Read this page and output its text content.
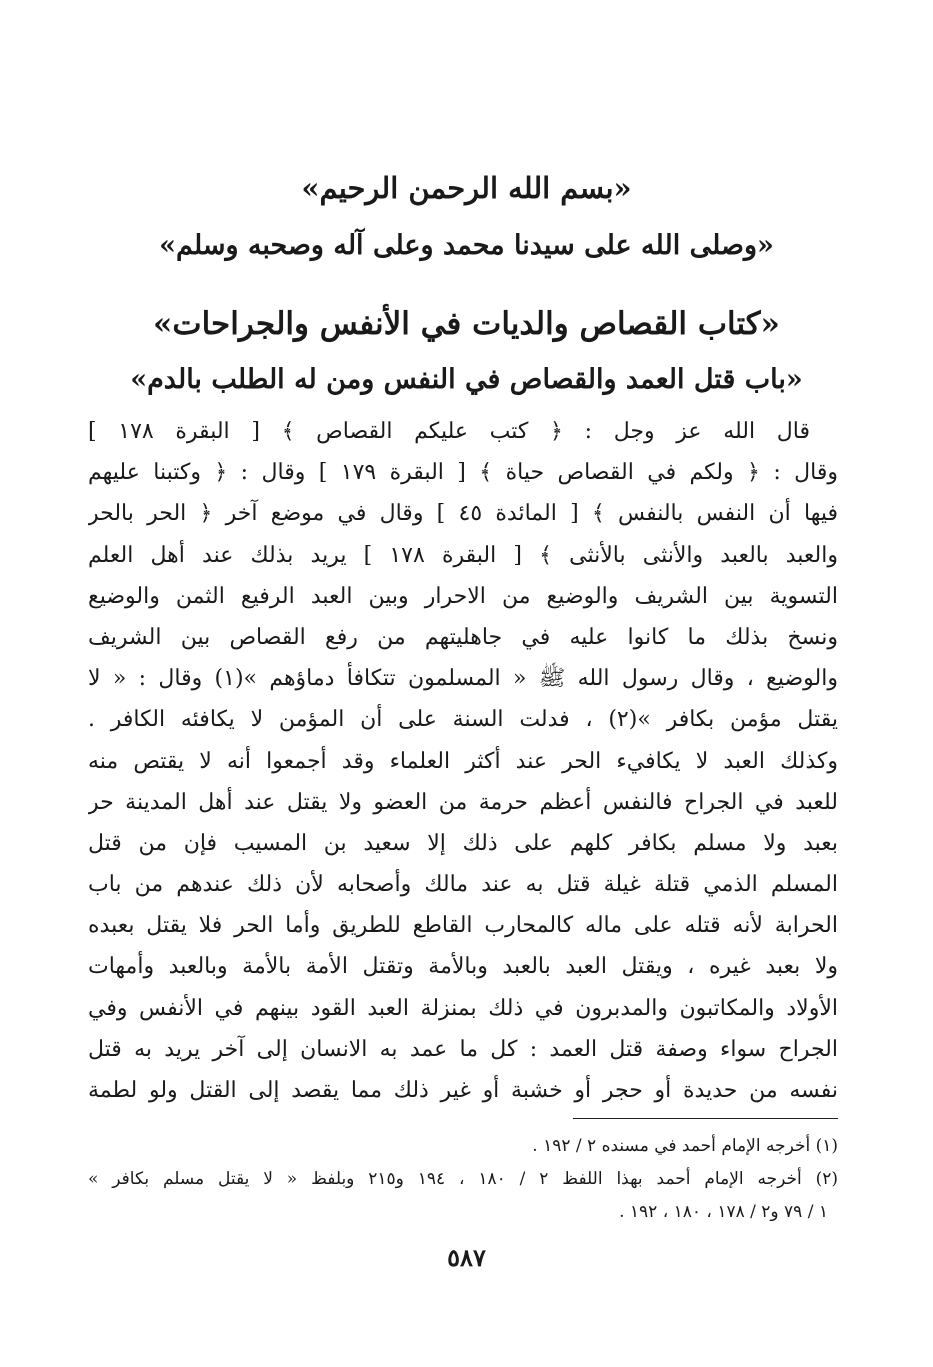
«بسم الله الرحمن الرحيم»
«وصلى الله على سيدنا محمد وعلى آله وصحبه وسلم»
«كتاب القصاص والديات في الأنفس والجراحات»
«باب قتل العمد والقصاص في النفس ومن له الطلب بالدم»
قال الله عز وجل : ﴿ كتب عليكم القصاص ﴾ [ البقرة ١٧٨ ]
وقال : ﴿ ولكم في القصاص حياة ﴾ [ البقرة ١٧٩ ] وقال : ﴿ وكتبنا عليهم
فيها أن النفس بالنفس ﴾ [ المائدة ٤٥ ] وقال في موضع آخر ﴿ الحر بالحر
والعبد بالعبد والأنثى بالأنثى ﴾ [ البقرة ١٧٨ ] يريد بذلك عند أهل العلم
التسوية بين الشريف والوضيع من الاحرار وبين العبد الرفيع الثمن والوضيع
ونسخ بذلك ما كانوا عليه في جاهليتهم من رفع القصاص بين الشريف
والوضيع ، وقال رسول الله ﷺ « المسلمون تتكافأ دماؤهم »(١) وقال : « لا
يقتل مؤمن بكافر »(٢) ، فدلت السنة على أن المؤمن لا يكافئه الكافر .
وكذلك العبد لا يكافيء الحر عند أكثر العلماء وقد أجمعوا أنه لا يقتص منه
للعبد في الجراح فالنفس أعظم حرمة من العضو ولا يقتل عند أهل المدينة حر
بعبد ولا مسلم بكافر كلهم على ذلك إلا سعيد بن المسيب فإن من قتل
المسلم الذمي قتلة غيلة قتل به عند مالك وأصحابه لأن ذلك عندهم من باب
الحرابة لأنه قتله على ماله كالمحارب القاطع للطريق وأما الحر فلا يقتل بعبده
ولا بعبد غيره ، ويقتل العبد بالعبد وبالأمة وتقتل الأمة بالأمة وبالعبد وأمهات
الأولاد والمكاتبون والمدبرون في ذلك بمنزلة العبد القود بينهم في الأنفس وفي
الجراح سواء وصفة قتل العمد : كل ما عمد به الانسان إلى آخر يريد به قتل
نفسه من حديدة أو حجر أو خشبة أو غير ذلك مما يقصد إلى القتل ولو لطمة
(١) أخرجه الإمام أحمد في مسنده ٢ / ١٩٢ .
(٢) أخرجه الإمام أحمد بهذا اللفظ ٢ / ١٨٠ ، ١٩٤ و٢١٥ وبلفظ « لا يقتل مسلم بكافر »
١ / ٧٩ و٢ / ١٧٨ ، ١٨٠ ، ١٩٢ .
٥٨٧
